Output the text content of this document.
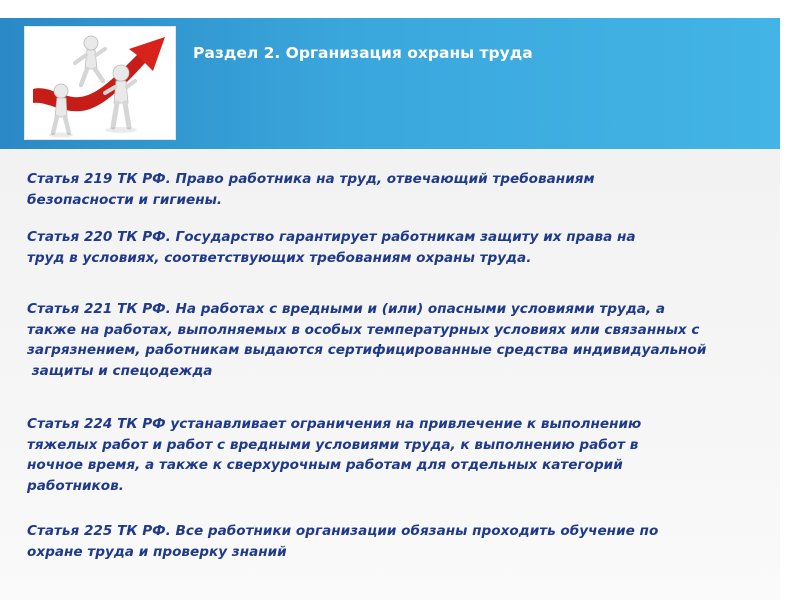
Раздел 2. Организация охраны труда
Статья 219 ТК РФ. Право работника на труд, отвечающий требованиям
безопасности и гигиены.
Статья 220 ТК РФ. Государство гарантирует работникам защиту их права на
труд в условиях, соответствующих требованиям охраны труда.
Статья 221 ТК РФ. На работах с вредными и (или) опасными условиями труда, а
также на работах, выполняемых в особых температурных условиях или связанных с
загрязнением, работникам выдаются сертифицированные средства индивидуальной
защиты и спецодежда
Статья 224 ТК РФ устанавливает ограничения на привлечение к выполнению
тяжелых работ и работ с вредными условиями труда, к выполнению работ в
ночное время, а также к сверхурочным работам для отдельных категорий
работников.
Статья 225 ТК РФ. Все работники организации обязаны проходить обучение по
охране труда и проверку знаний
